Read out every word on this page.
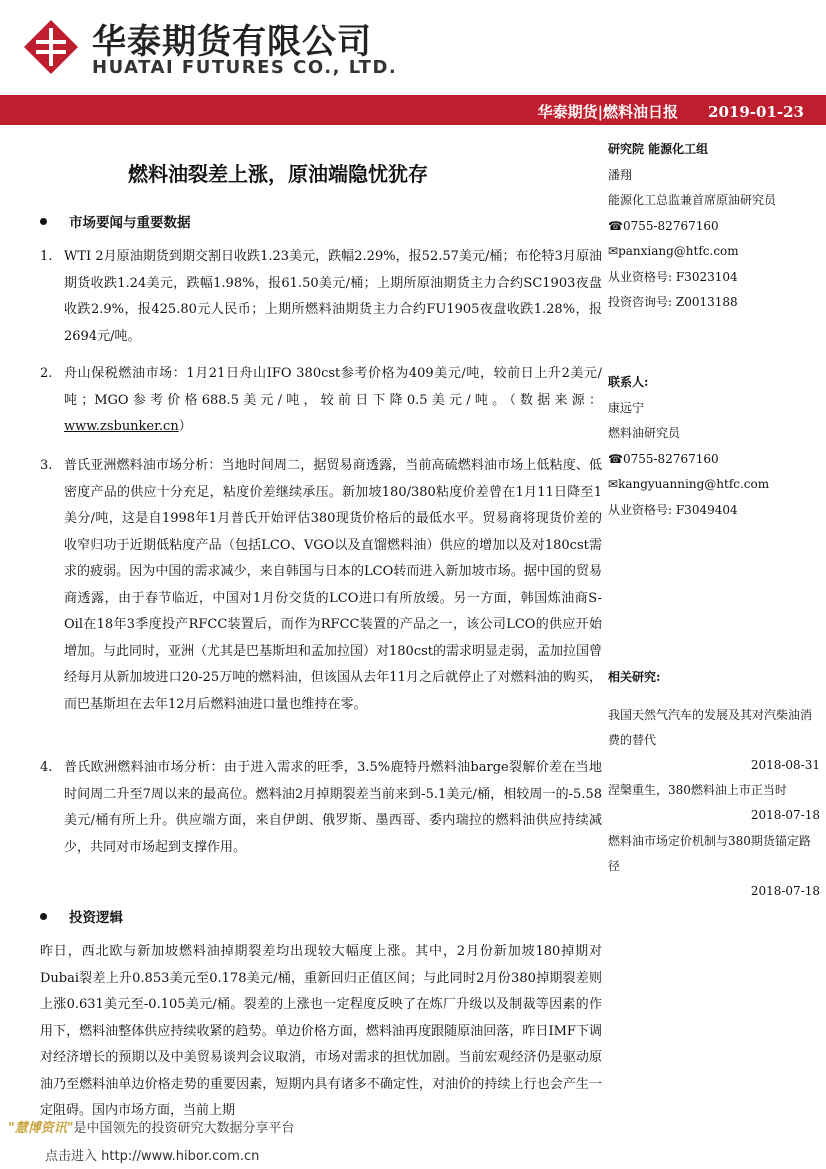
华泰期货有限公司
HUATAI FUTURES CO., LTD.
华泰期货|燃料油日报 2019-01-23
燃料油裂差上涨，原油端隐忧犹存
研究院 能源化工组
潘翔
能源化工总监兼首席原油研究员
☎0755-82767160
✉panxiang@htfc.com
从业资格号: F3023104
投资咨询号: Z0013188
联系人:
康远宁
燃料油研究员
☎0755-82767160
✉kangyuanning@htfc.com
从业资格号: F3049404
相关研究:
我国天然气汽车的发展及其对汽柴油消费的替代
2018-08-31
涅槃重生，380燃料油上市正当时
2018-07-18
燃料油市场定价机制与380期货锚定路径
2018-07-18
市场要闻与重要数据
1. WTI 2月原油期货到期交割日收跌1.23美元，跌幅2.29%，报52.57美元/桶；布伦特3月原油期货收跌1.24美元，跌幅1.98%，报61.50美元/桶；上期所原油期货主力合约SC1903夜盘收跌2.9%，报425.80元人民币；上期所燃料油期货主力合约FU1905夜盘收跌1.28%，报2694元/吨。
2. 舟山保税燃油市场：1月21日舟山IFO 380cst参考价格为409美元/吨，较前日上升2美元/吨；MGO参考价格688.5美元/吨，较前日下降0.5美元/吨。（数据来源：www.zsbunker.cn）
3. 普氏亚洲燃料油市场分析：当地时间周二，据贸易商透露，当前高硫燃料油市场上低粘度、低密度产品的供应十分充足，粘度价差继续承压。新加坡180/380粘度价差曾在1月11日降至1美分/吨，这是自1998年1月普氏开始评估380现货价格后的最低水平。贸易商将现货价差的收窄归功于近期低粘度产品（包括LCO、VGO以及直馏燃料油）供应的增加以及对180cst需求的疲弱。因为中国的需求减少，来自韩国与日本的LCO转而进入新加坡市场。据中国的贸易商透露，由于春节临近，中国对1月份交货的LCO进口有所放缓。另一方面，韩国炼油商S-Oil在18年3季度投产RFCC装置后，而作为RFCC装置的产品之一，该公司LCO的供应开始增加。与此同时，亚洲（尤其是巴基斯坦和孟加拉国）对180cst的需求明显走弱，孟加拉国曾经每月从新加坡进口20-25万吨的燃料油，但该国从去年11月之后就停止了对燃料油的购买，而巴基斯坦在去年12月后燃料油进口量也维持在零。
4. 普氏欧洲燃料油市场分析：由于进入需求的旺季，3.5%鹿特丹燃料油barge裂解价差在当地时间周二升至7周以来的最高位。燃料油2月掉期裂差当前来到-5.1美元/桶，相较周一的-5.58美元/桶有所上升。供应端方面，来自伊朗、俄罗斯、墨西哥、委内瑞拉的燃料油供应持续减少，共同对市场起到支撑作用。
投资逻辑
昨日，西北欧与新加坡燃料油掉期裂差均出现较大幅度上涨。其中，2月份新加坡180掉期对Dubai裂差上升0.853美元至0.178美元/桶，重新回归正值区间；与此同时2月份380掉期裂差则上涨0.631美元至-0.105美元/桶。裂差的上涨也一定程度反映了在炼厂升级以及制裁等因素的作用下，燃料油整体供应持续收紧的趋势。单边价格方面，燃料油再度跟随原油回落，昨日IMF下调对经济增长的预期以及中美贸易谈判会议取消，市场对需求的担忧加剧。当前宏观经济仍是驱动原油乃至燃料油单边价格走势的重要因素，短期内具有诸多不确定性，对油价的持续上行也会产生一定阻碍。国内市场方面，当前上期
"慧博资讯"是中国领先的投资研究大数据分享平台
点击进入 http://www.hibor.com.cn
